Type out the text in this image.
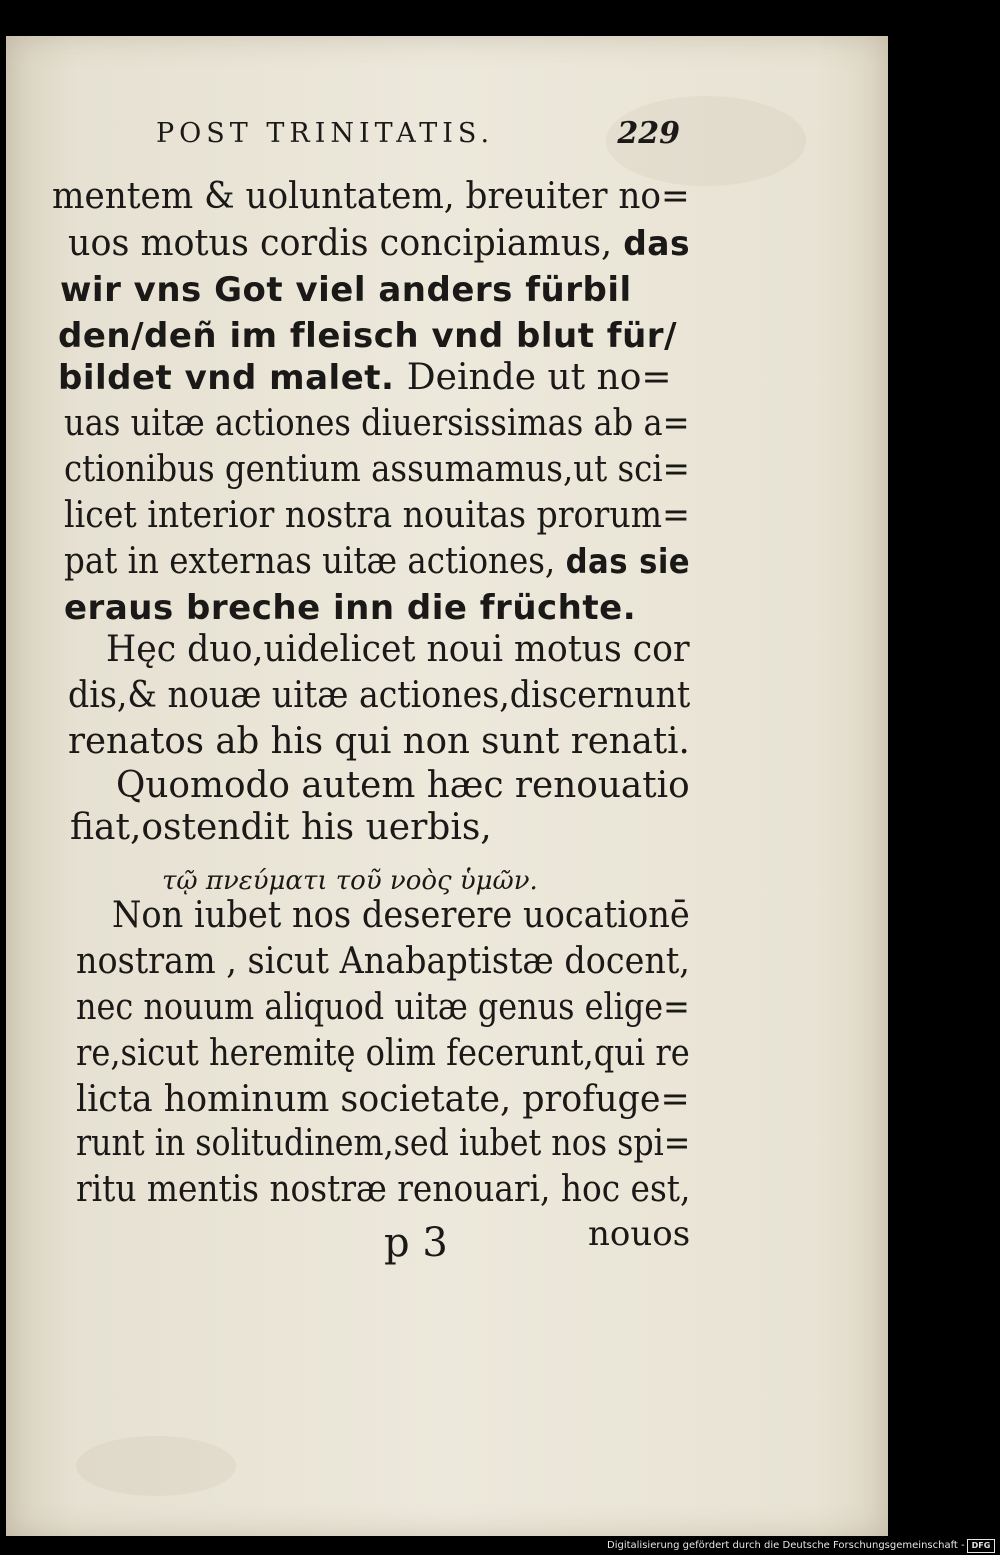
POST TRINITATIS.	229
mentem & uoluntatem, breuiter no=
uos motus cordis concipiamus, das
wir vns Got viel anders fürbil
den/deñ im fleisch vnd blut für/
bildet vnd malet. Deinde ut no=
uas uitæ actiones diuersissimas ab a=
ctionibus gentium assumamus,ut sci=
licet interior nostra nouitas prorum=
pat in externas uitæ actiones, das sie
eraus breche inn die früchte.
Hęc duo,uidelicet noui motus cor
dis,& nouæ uitæ actiones,discernunt
renatos ab his qui non sunt renati.
Quomodo autem hæc renouatio
fiat,ostendit his uerbis,
τῷ πνεύματι τοῦ νοὸς ὑμῶν.
Non iubet nos deserere uocationē
nostram , sicut Anabaptistæ docent,
nec nouum aliquod uitæ genus elige=
re,sicut heremitę olim fecerunt,qui re
licta hominum societate, profuge=
runt in solitudinem,sed iubet nos spi=
ritu mentis nostræ renouari, hoc est,
p 3	nouos
Digitalisierung gefördert durch die Deutsche Forschungsgemeinschaft - DFG
